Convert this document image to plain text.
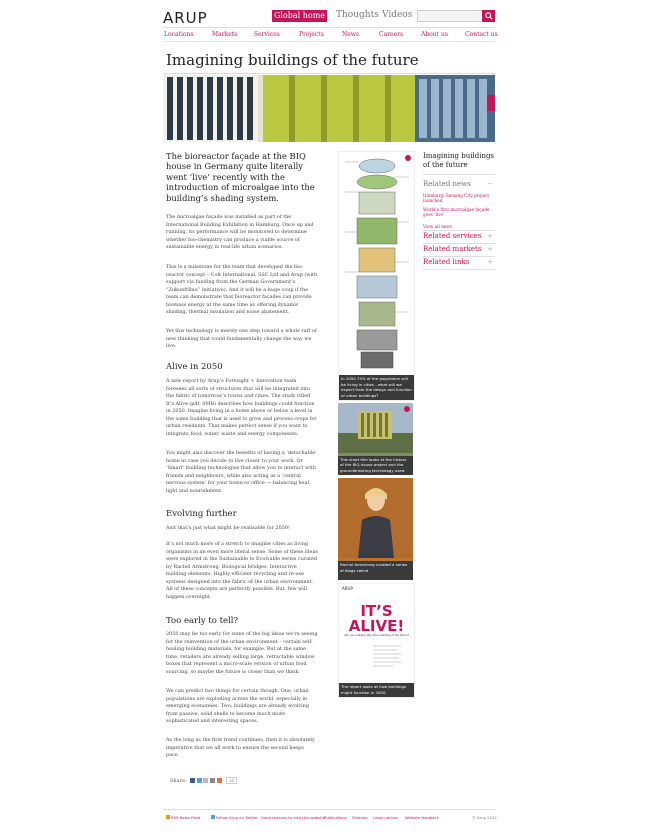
ARUP	Global home Thoughts Videos
Locations	Markets	Services	Projects	News	Careers	About us	Contact us
Imagining buildings of the future

The bioreactor façade at the BIQ house in Germany quite literally went ‘live’ recently with the introduction of microalgae into the building’s shading system.

The microalgae façade was installed as part of the International Building Exhibition in Hamburg. Once up and running, its performance will be monitored to determine whether bio-chemistry can produce a viable source of sustainable energy in real-life urban scenarios.

This is a milestone for the team that developed the bio-reactor concept – Colt International, SSC Ltd and Arup (with support via funding from the German Government’s “ZukunftBau” initiative). And it will be a huge coup if the team can demonstrate that bioreactor façades can provide biomass energy at the same time as offering dynamic shading, thermal insulation and noise abatement.

Yet this technology is merely one step toward a whole raft of new thinking that could fundamentally change the way we live.

Alive in 2050

A new report by Arup’s Foresight + Innovation team foresees all sorts of structures that will be integrated into the fabric of tomorrow’s towns and cities. The study titled It’s Alive (pdf, 8MB) describes how buildings could function in 2050. Imagine living in a home above or below a level in the same building that is used to grow and process crops for urban residents. That makes perfect sense if you want to integrate food, water, waste and energy components.

You might also discover the benefits of having a ‘detachable’ home in case you decide to live closer to your work. Or ‘Smart’ building technologies that allow you to interact with friends and neighbours, while also acting as a ‘central nervous system’ for your home or office — balancing heat, light and nourishment.

Evolving further

And that’s just what might be realisable for 2050!

It’s not much more of a stretch to imagine cities as living organisms in an even more literal sense. Some of these ideas were explored in the Sustainable to Evolvable series curated by Rachel Armstrong. Biological bridges. Interactive building elements. Highly efficient recycling and re-use systems designed into the fabric of the urban environment. All of these concepts are perfectly possible. But, few will happen overnight.

Too early to tell?

2050 may be too early for some of the big ideas we’re seeing for the reinvention of the urban environment – certain self-healing building materials, for example. But at the same time, retailers are already selling large, retractable window boxes that represent a micro-scale version of urban food sourcing, so maybe the future is closer than we think.

We can predict two things for certain though. One, urban populations are exploding across the world, especially in emerging economies. Two, buildings are already evolving from passive, solid shells to become much more sophisticated and interesting spaces.

As the long as the first trend continues, then it is absolutely imperative that we all work to ensure the second keeps pace.

In 2050 75% of the population will be living in cities - what will we expect from the design and function of urban buildings?
This short film looks at the history of the BIQ house project and the groundbreaking technology used.
Rachel Armstrong curated a series of blogs called
ARUP
IT’S ALIVE!
Can you imagine the urban building of the future?
The report looks at how buildings might function in 2050.
Imagining buildings of the future
Related news −
Hamburg: Sensing City project launched
World’s first microalgae façade goes ‘live’
View all news
Related services +
Related markets +
Related links	+
Share:	21
RSS News Feed	Follow Arup on Twitter Good reasons to visit this website
Publications Sitemap Legal notices Website feedback	© Arup 2012
